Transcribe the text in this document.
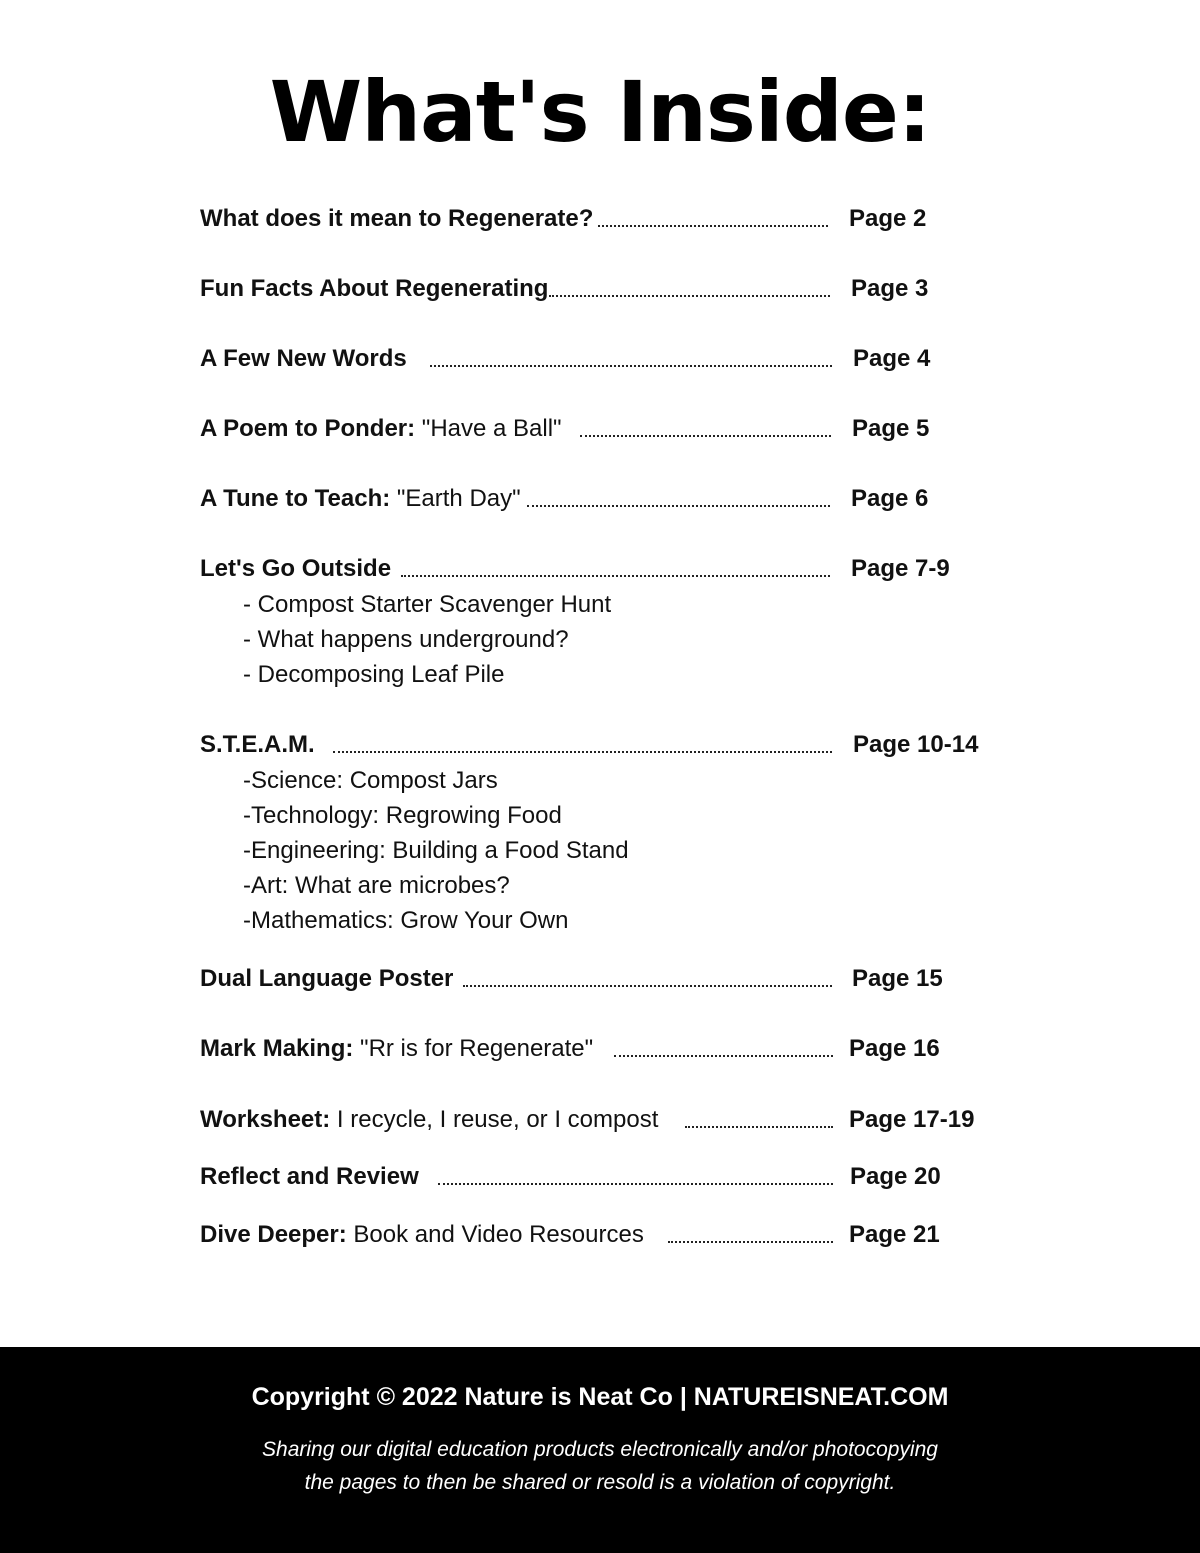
What's Inside:
What does it mean to Regenerate?	Page 2
Fun Facts About Regenerating	Page 3
A Few New Words	Page 4
A Poem to Ponder: "Have a Ball"	Page 5
A Tune to Teach: "Earth Day"	Page 6
Let's Go Outside	Page 7-9
- Compost Starter Scavenger Hunt
- What happens underground?
- Decomposing Leaf Pile
S.T.E.A.M.	Page 10-14
-Science: Compost Jars
-Technology: Regrowing Food
-Engineering: Building a Food Stand
-Art: What are microbes?
-Mathematics: Grow Your Own
Dual Language Poster	Page 15
Mark Making: "Rr is for Regenerate"	Page 16
Worksheet: I recycle, I reuse, or I compost	Page 17-19
Reflect and Review	Page 20
Dive Deeper: Book and Video Resources	Page 21
Copyright © 2022 Nature is Neat Co | NATUREISNEAT.COM
Sharing our digital education products electronically and/or photocopying
the pages to then be shared or resold is a violation of copyright.
